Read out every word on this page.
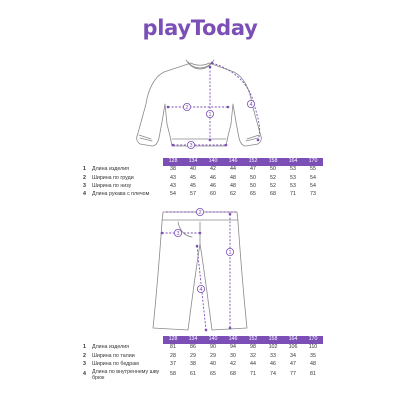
playToday
1
2
3
4
1
2
3
4
		128	134	140	146	152	158	164	170
1	Длина изделия	38	40	42	44	47	50	53	55
2	Ширина по груди	43	45	46	48	50	52	53	54
3	Ширина по низу	43	45	46	48	50	52	53	54
4	Длина рукава с плечом	54	57	60	62	65	68	71	73
		128	134	140	146	152	158	164	170
1	Длина изделия	81	86	90	94	98	102	106	110
2	Ширина по талии	28	29	29	30	32	33	34	35
3	Ширина по бедрам	37	38	40	42	44	46	47	48
4	Длина по внутреннему шву брюк	58	61	65	68	71	74	77	81
